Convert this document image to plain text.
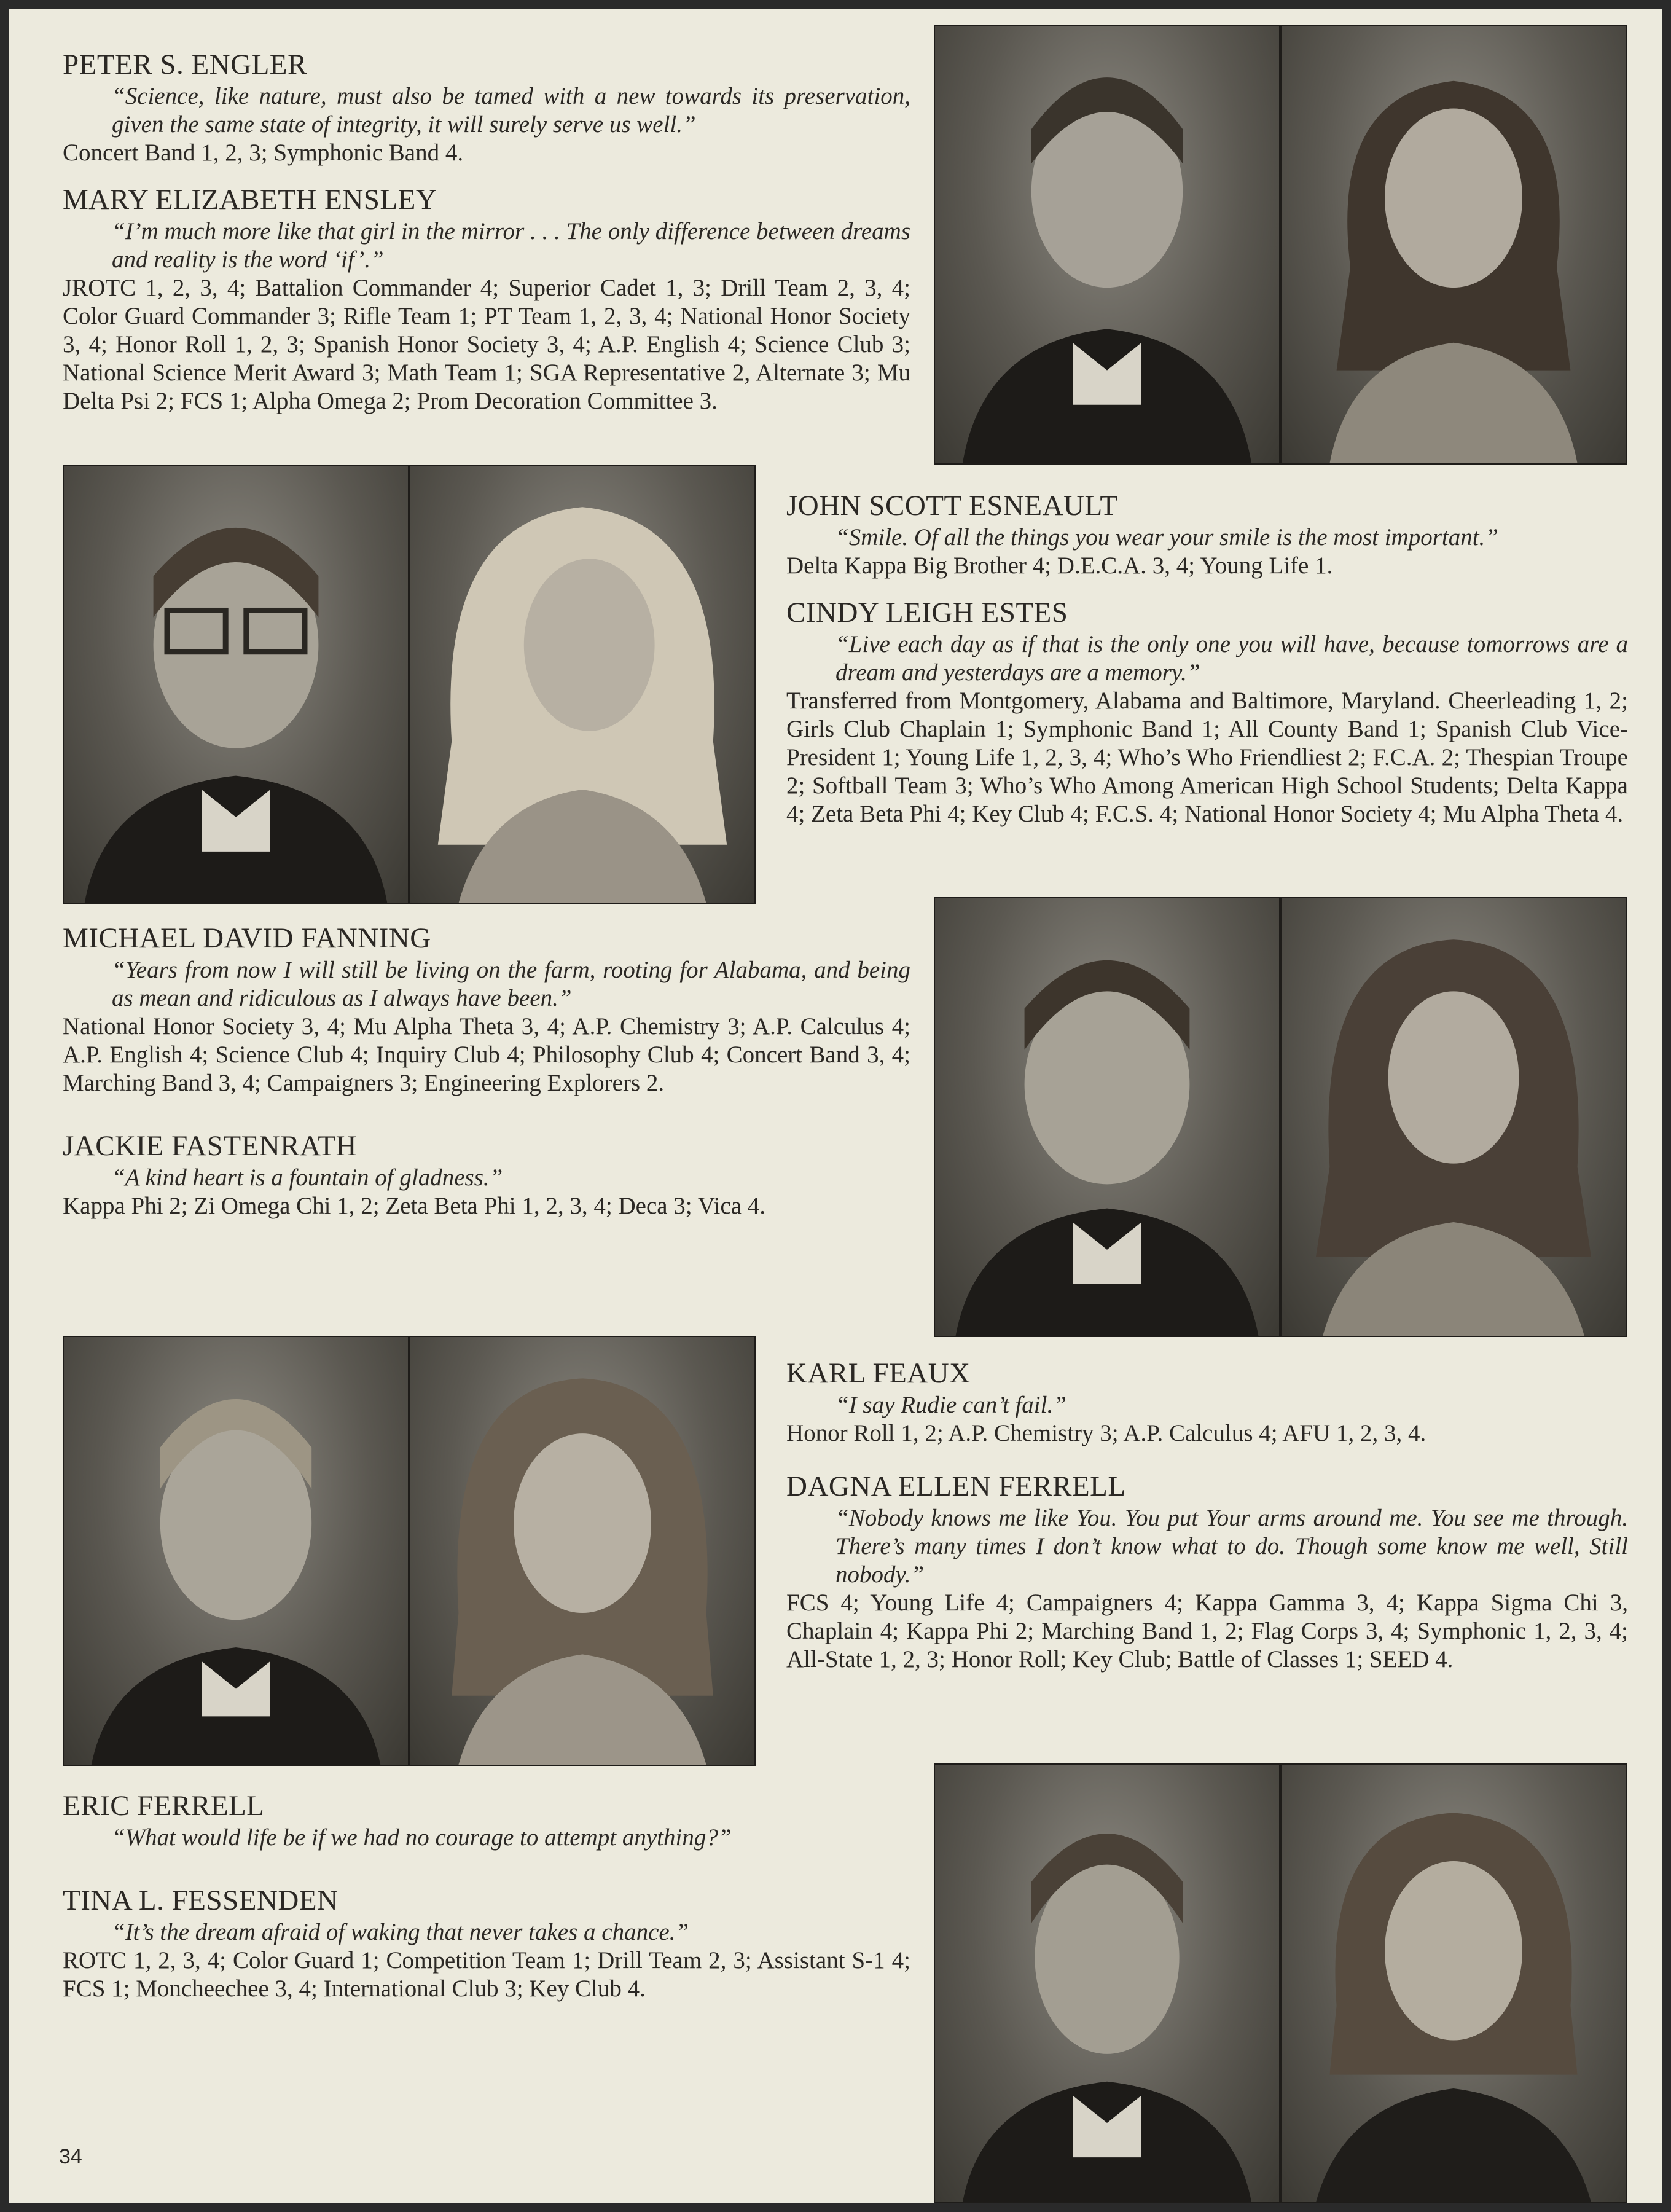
PETER S. ENGLER

“Science, like nature, must also be tamed with a new towards its preservation, given the same state of integrity, it will surely serve us well.”

Concert Band 1, 2, 3; Symphonic Band 4.

MARY ELIZABETH ENSLEY

“I’m much more like that girl in the mirror . . . The only difference between dreams and reality is the word ‘if’.”

JROTC 1, 2, 3, 4; Battalion Commander 4; Superior Cadet 1, 3; Drill Team 2, 3, 4; Color Guard Commander 3; Rifle Team 1; PT Team 1, 2, 3, 4; National Honor Society 3, 4; Honor Roll 1, 2, 3; Spanish Honor Society 3, 4; A.P. English 4; Science Club 3; National Science Merit Award 3; Math Team 1; SGA Representative 2, Alternate 3; Mu Delta Psi 2; FCS 1; Alpha Omega 2; Prom Decoration Committee 3.

JOHN SCOTT ESNEAULT

“Smile. Of all the things you wear your smile is the most important.”

Delta Kappa Big Brother 4; D.E.C.A. 3, 4; Young Life 1.

CINDY LEIGH ESTES

“Live each day as if that is the only one you will have, because tomorrows are a dream and yesterdays are a memory.”

Transferred from Montgomery, Alabama and Baltimore, Maryland. Cheerleading 1, 2; Girls Club Chaplain 1; Symphonic Band 1; All County Band 1; Spanish Club Vice-President 1; Young Life 1, 2, 3, 4; Who’s Who Friendliest 2; F.C.A. 2; Thespian Troupe 2; Softball Team 3; Who’s Who Among American High School Students; Delta Kappa 4; Zeta Beta Phi 4; Key Club 4; F.C.S. 4; National Honor Society 4; Mu Alpha Theta 4.

MICHAEL DAVID FANNING

“Years from now I will still be living on the farm, rooting for Alabama, and being as mean and ridiculous as I always have been.”

National Honor Society 3, 4; Mu Alpha Theta 3, 4; A.P. Chemistry 3; A.P. Calculus 4; A.P. English 4; Science Club 4; Inquiry Club 4; Philosophy Club 4; Concert Band 3, 4; Marching Band 3, 4; Campaigners 3; Engineering Explorers 2.

JACKIE FASTENRATH

“A kind heart is a fountain of gladness.”

Kappa Phi 2; Zi Omega Chi 1, 2; Zeta Beta Phi 1, 2, 3, 4; Deca 3; Vica 4.

KARL FEAUX

“I say Rudie can’t fail.”

Honor Roll 1, 2; A.P. Chemistry 3; A.P. Calculus 4; AFU 1, 2, 3, 4.

DAGNA ELLEN FERRELL

“Nobody knows me like You. You put Your arms around me. You see me through. There’s many times I don’t know what to do. Though some know me well, Still nobody.”

FCS 4; Young Life 4; Campaigners 4; Kappa Gamma 3, 4; Kappa Sigma Chi 3, Chaplain 4; Kappa Phi 2; Marching Band 1, 2; Flag Corps 3, 4; Symphonic 1, 2, 3, 4; All-State 1, 2, 3; Honor Roll; Key Club; Battle of Classes 1; SEED 4.

ERIC FERRELL

“What would life be if we had no courage to attempt anything?”

TINA L. FESSENDEN

“It’s the dream afraid of waking that never takes a chance.”

ROTC 1, 2, 3, 4; Color Guard 1; Competition Team 1; Drill Team 2, 3; Assistant S-1 4; FCS 1; Moncheechee 3, 4; International Club 3; Key Club 4.

34
